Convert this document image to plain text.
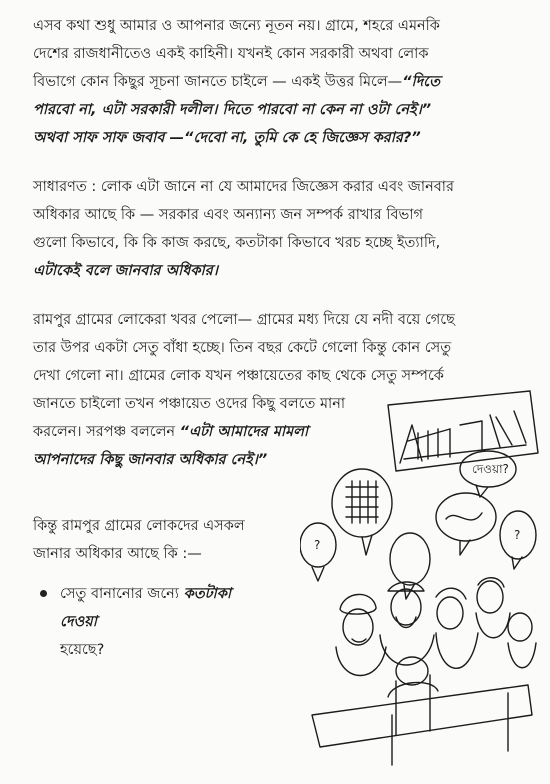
এসব কথা শুধু আমার ও আপনার জন্যে নূতন নয়। গ্রামে, শহরে এমনকি
দেশের রাজধানীতেও একই কাহিনী। যখনই কোন সরকারী অথবা লোক
বিভাগে কোন কিছুর সূচনা জানতে চাইলে — একই উত্তর মিলে—“দিতে
পারবো না, এটা সরকারী দলীল। দিতে পারবো না কেন না ওটা নেই।”
অথবা সাফ সাফ জবাব —“দেবো না, তুমি কে হে জিজ্ঞেস করার?”

সাধারণত : লোক এটা জানে না যে আমাদের জিজ্ঞেস করার এবং জানবার
অধিকার আছে কি — সরকার এবং অন্যান্য জন সম্পর্ক রাখার বিভাগ
গুলো কিভাবে, কি কি কাজ করছে, কতটাকা কিভাবে খরচ হচ্ছে ইত্যাদি,
এটাকেই বলে জানবার অধিকার।

রামপুর গ্রামের লোকেরা খবর পেলো— গ্রামের মধ্য দিয়ে যে নদী বয়ে গেছে
তার উপর একটা সেতু বাঁধা হচ্ছে। তিন বছর কেটে গেলো কিন্তু কোন সেতু
দেখা গেলো না। গ্রামের লোক যখন পঞ্চায়েতের কাছ থেকে সেতু সম্পর্কে
জানতে চাইলো তখন পঞ্চায়েত ওদের কিছু বলতে মানা
করলেন। সরপঞ্চ বললেন “এটা আমাদের মামলা
আপনাদের কিছু জানবার অধিকার নেই।”

কিন্তু রামপুর গ্রামের লোকদের এসকল
জানার অধিকার আছে কি :—

সেতু বানানোর জন্যে কতটাকা দেওয়া
হয়েছে?
দেওয়া?
?
?
